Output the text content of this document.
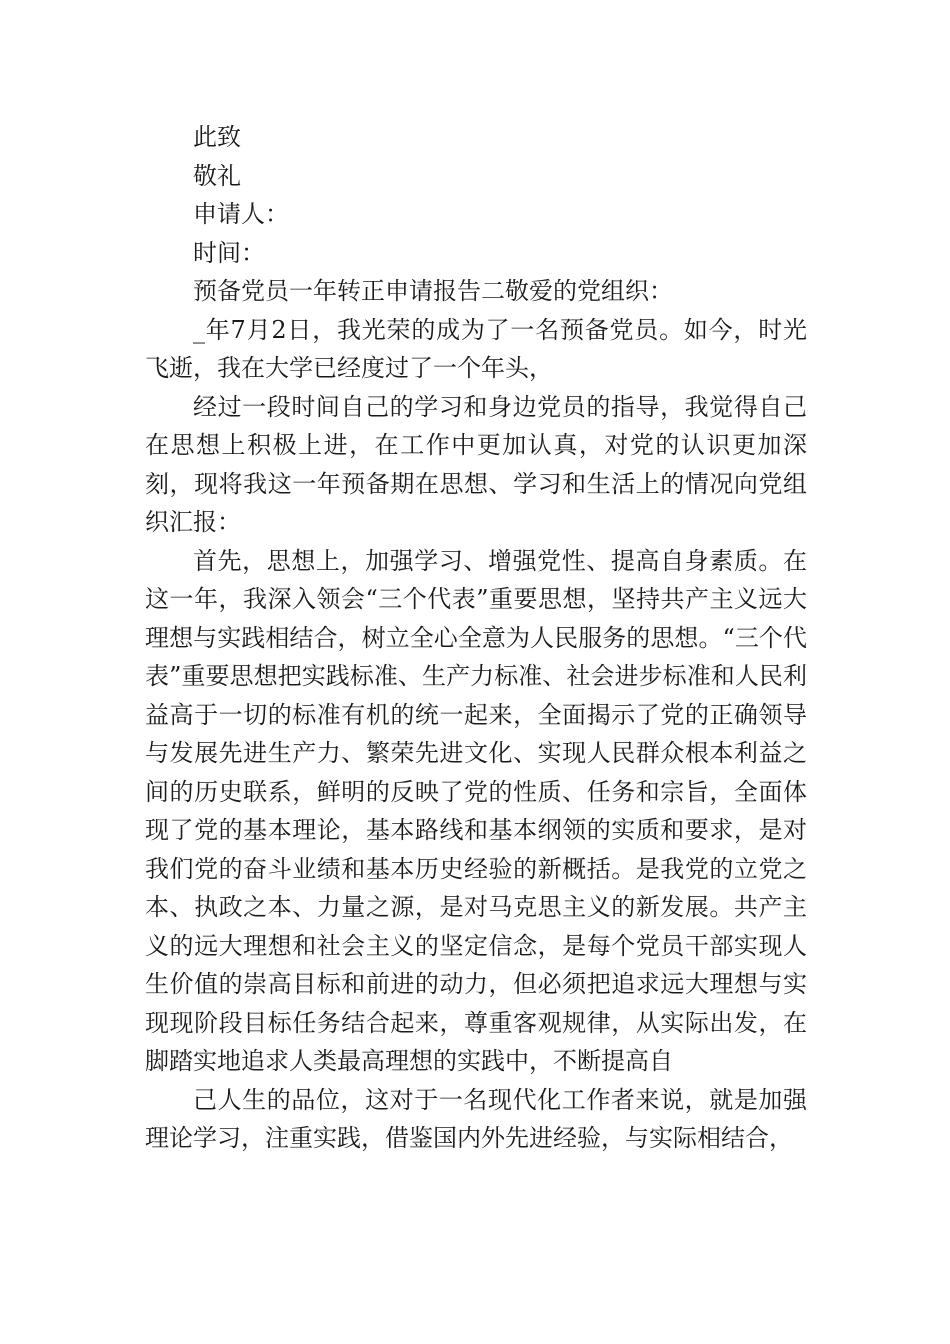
此致

敬礼

申请人：

时间：

预备党员一年转正申请报告二敬爱的党组织：

_年7月2日，我光荣的成为了一名预备党员。如今，时光飞逝，我在大学已经度过了一个年头，

经过一段时间自己的学习和身边党员的指导，我觉得自己在思想上积极上进，在工作中更加认真，对党的认识更加深刻，现将我这一年预备期在思想、学习和生活上的情况向党组织汇报：

首先，思想上，加强学习、增强党性、提高自身素质。在这一年，我深入领会“三个代表”重要思想，坚持共产主义远大理想与实践相结合，树立全心全意为人民服务的思想。“三个代表”重要思想把实践标准、生产力标准、社会进步标准和人民利益高于一切的标准有机的统一起来，全面揭示了党的正确领导与发展先进生产力、繁荣先进文化、实现人民群众根本利益之间的历史联系，鲜明的反映了党的性质、任务和宗旨，全面体现了党的基本理论，基本路线和基本纲领的实质和要求，是对我们党的奋斗业绩和基本历史经验的新概括。是我党的立党之本、执政之本、力量之源，是对马克思主义的新发展。共产主义的远大理想和社会主义的坚定信念，是每个党员干部实现人生价值的崇高目标和前进的动力，但必须把追求远大理想与实现现阶段目标任务结合起来，尊重客观规律，从实际出发，在脚踏实地追求人类最高理想的实践中，不断提高自

己人生的品位，这对于一名现代化工作者来说，就是加强理论学习，注重实践，借鉴国内外先进经验，与实际相结合，
